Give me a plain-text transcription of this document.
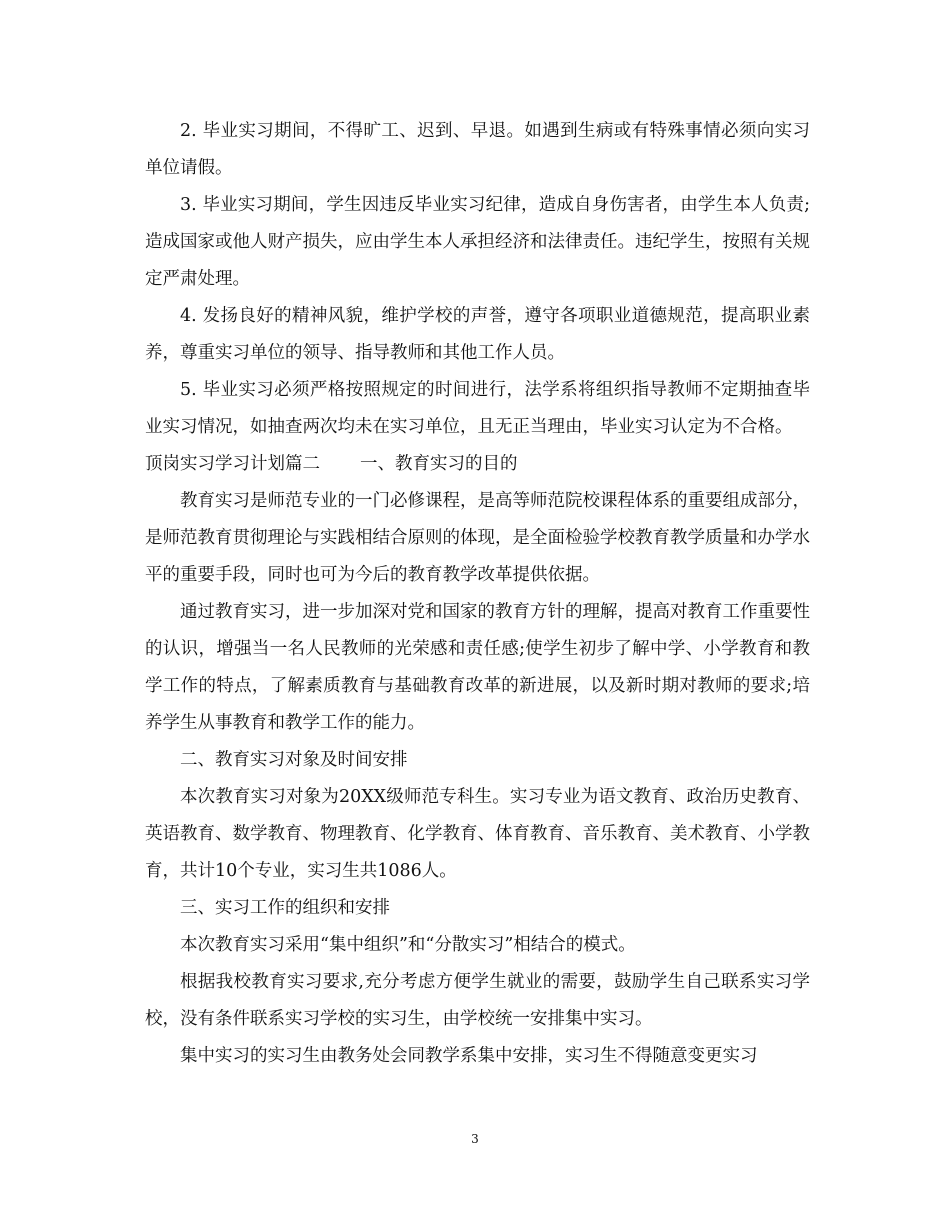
2. 毕业实习期间，不得旷工、迟到、早退。如遇到生病或有特殊事情必须向实习单位请假。

3. 毕业实习期间，学生因违反毕业实习纪律，造成自身伤害者，由学生本人负责;造成国家或他人财产损失，应由学生本人承担经济和法律责任。违纪学生，按照有关规定严肃处理。

4. 发扬良好的精神风貌，维护学校的声誉，遵守各项职业道德规范，提高职业素养，尊重实习单位的领导、指导教师和其他工作人员。

5. 毕业实习必须严格按照规定的时间进行，法学系将组织指导教师不定期抽查毕业实习情况，如抽查两次均未在实习单位，且无正当理由，毕业实习认定为不合格。

顶岗实习学习计划篇二 一、教育实习的目的

教育实习是师范专业的一门必修课程，是高等师范院校课程体系的重要组成部分，是师范教育贯彻理论与实践相结合原则的体现，是全面检验学校教育教学质量和办学水平的重要手段，同时也可为今后的教育教学改革提供依据。

通过教育实习，进一步加深对党和国家的教育方针的理解，提高对教育工作重要性的认识，增强当一名人民教师的光荣感和责任感;使学生初步了解中学、小学教育和教学工作的特点，了解素质教育与基础教育改革的新进展，以及新时期对教师的要求;培养学生从事教育和教学工作的能力。

二、教育实习对象及时间安排

本次教育实习对象为20XX级师范专科生。实习专业为语文教育、政治历史教育、英语教育、数学教育、物理教育、化学教育、体育教育、音乐教育、美术教育、小学教育，共计10个专业，实习生共1086人。

三、实习工作的组织和安排

本次教育实习采用“集中组织”和“分散实习”相结合的模式。

根据我校教育实习要求,充分考虑方便学生就业的需要，鼓励学生自己联系实习学校，没有条件联系实习学校的实习生，由学校统一安排集中实习。

集中实习的实习生由教务处会同教学系集中安排，实习生不得随意变更实习

3
